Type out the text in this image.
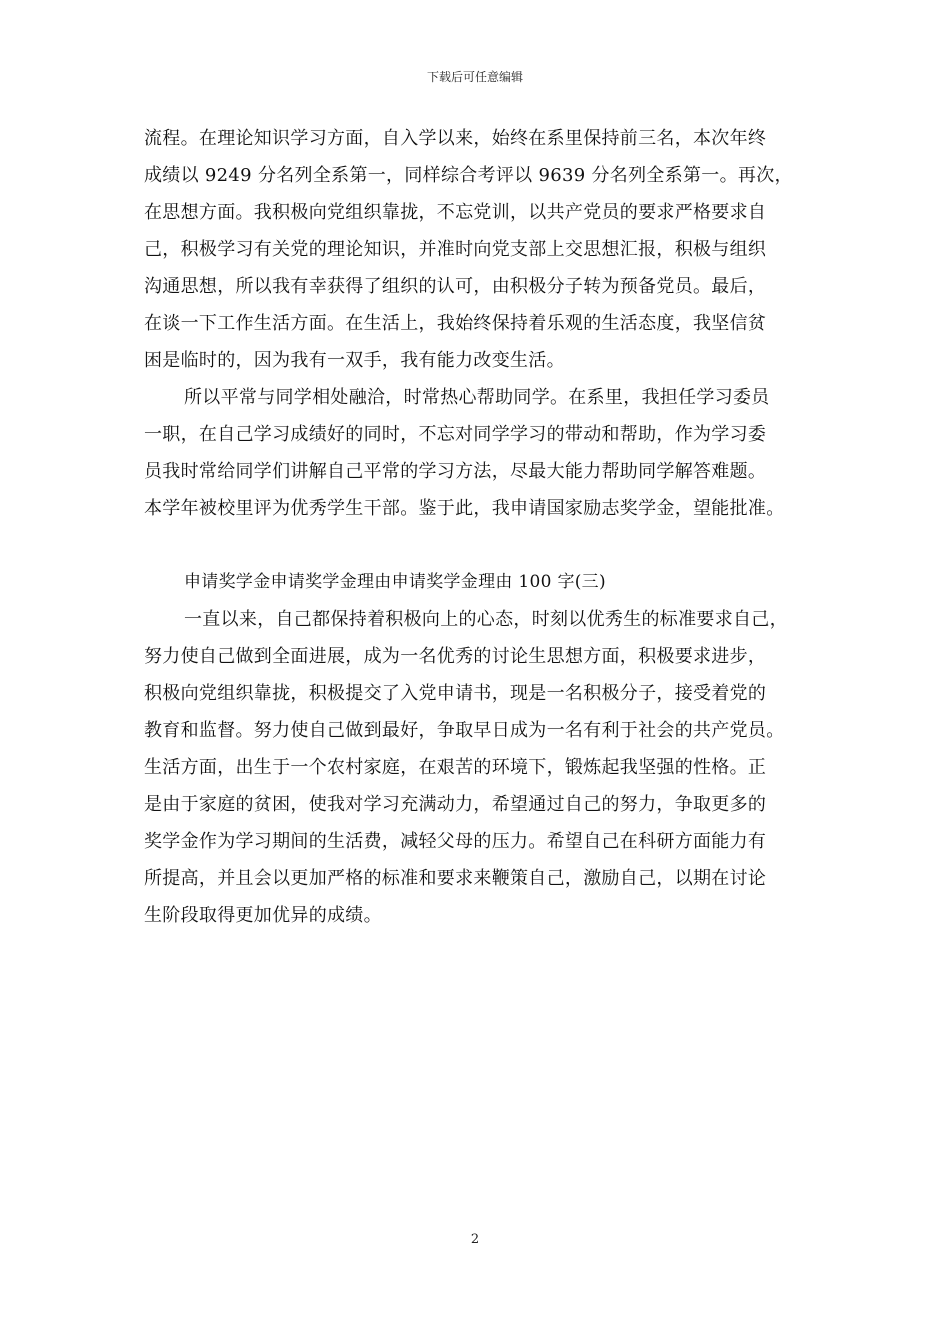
下载后可任意编辑
流程。在理论知识学习方面，自入学以来，始终在系里保持前三名，本次年终
成绩以 9249 分名列全系第一，同样综合考评以 9639 分名列全系第一。再次，
在思想方面。我积极向党组织靠拢，不忘党训，以共产党员的要求严格要求自
己，积极学习有关党的理论知识，并准时向党支部上交思想汇报，积极与组织
沟通思想，所以我有幸获得了组织的认可，由积极分子转为预备党员。最后，
在谈一下工作生活方面。在生活上，我始终保持着乐观的生活态度，我坚信贫
困是临时的，因为我有一双手，我有能力改变生活。
所以平常与同学相处融洽，时常热心帮助同学。在系里，我担任学习委员
一职，在自己学习成绩好的同时，不忘对同学学习的带动和帮助，作为学习委
员我时常给同学们讲解自己平常的学习方法，尽最大能力帮助同学解答难题。
本学年被校里评为优秀学生干部。鉴于此，我申请国家励志奖学金，望能批准。
申请奖学金申请奖学金理由申请奖学金理由 100 字(三)
一直以来，自己都保持着积极向上的心态，时刻以优秀生的标准要求自己，
努力使自己做到全面进展，成为一名优秀的讨论生思想方面，积极要求进步，
积极向党组织靠拢，积极提交了入党申请书，现是一名积极分子，接受着党的
教育和监督。努力使自己做到最好，争取早日成为一名有利于社会的共产党员。
生活方面，出生于一个农村家庭，在艰苦的环境下，锻炼起我坚强的性格。正
是由于家庭的贫困，使我对学习充满动力，希望通过自己的努力，争取更多的
奖学金作为学习期间的生活费，减轻父母的压力。希望自己在科研方面能力有
所提高，并且会以更加严格的标准和要求来鞭策自己，激励自己，以期在讨论
生阶段取得更加优异的成绩。
2
